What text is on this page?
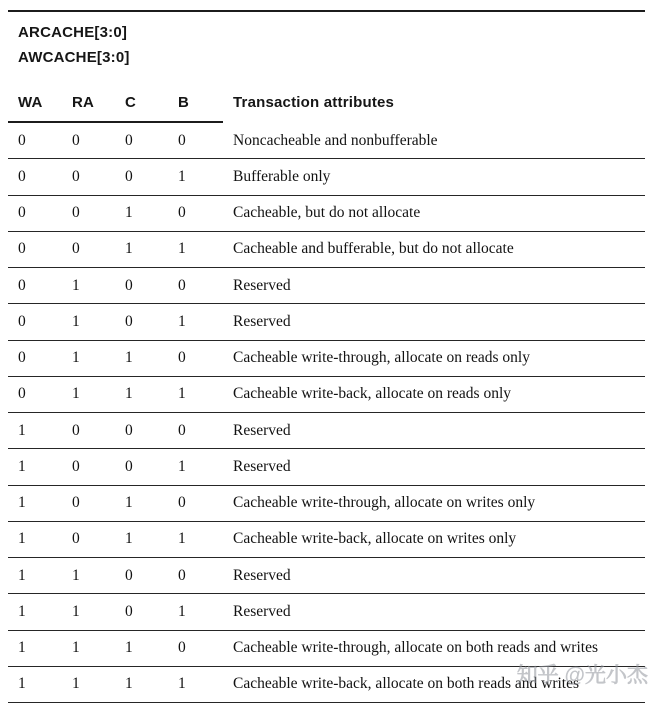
ARCACHE[3:0]
AWCACHE[3:0]
WA	RA	C	B	Transaction attributes
0	0	0	0	Noncacheable and nonbufferable
0	0	0	1	Bufferable only
0	0	1	0	Cacheable, but do not allocate
0	0	1	1	Cacheable and bufferable, but do not allocate
0	1	0	0	Reserved
0	1	0	1	Reserved
0	1	1	0	Cacheable write-through, allocate on reads only
0	1	1	1	Cacheable write-back, allocate on reads only
1	0	0	0	Reserved
1	0	0	1	Reserved
1	0	1	0	Cacheable write-through, allocate on writes only
1	0	1	1	Cacheable write-back, allocate on writes only
1	1	0	0	Reserved
1	1	0	1	Reserved
1	1	1	0	Cacheable write-through, allocate on both reads and writes
1	1	1	1	Cacheable write-back, allocate on both reads and writes
知乎 @光小杰
